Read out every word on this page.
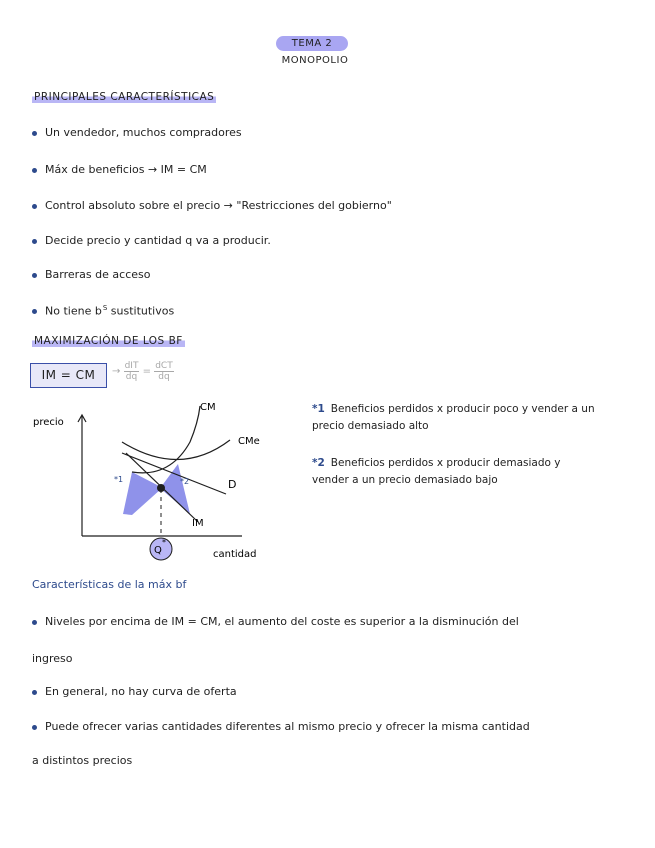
TEMA 2
MONOPOLIO
PRINCIPALES CARACTERÍSTICAS
Un vendedor, muchos compradores
Máx de beneficios → IM = CM
Control absoluto sobre el precio → "Restricciones del gobierno"
Decide precio y cantidad q va a producir.
Barreras de acceso
No tiene $b^S$ sustitutivos
MAXIMIZACIÓN DE LOS BF
IM = CM	→ $\frac{\text{dIT}}{dq} = \frac{\text{dCT}}{dq}$
precio
cantidad
CM
CMe
D
IM
Q
*
*1	*2
*1 Beneficios perdidos x producir poco y vender a un precio demasiado alto
*2 Beneficios perdidos x producir demasiado y vender a un precio demasiado bajo
Características de la máx bf
Niveles por encima de IM = CM, el aumento del coste es superior a la disminución del
ingreso
En general, no hay curva de oferta
Puede ofrecer varias cantidades diferentes al mismo precio y ofrecer la misma cantidad
a distintos precios
